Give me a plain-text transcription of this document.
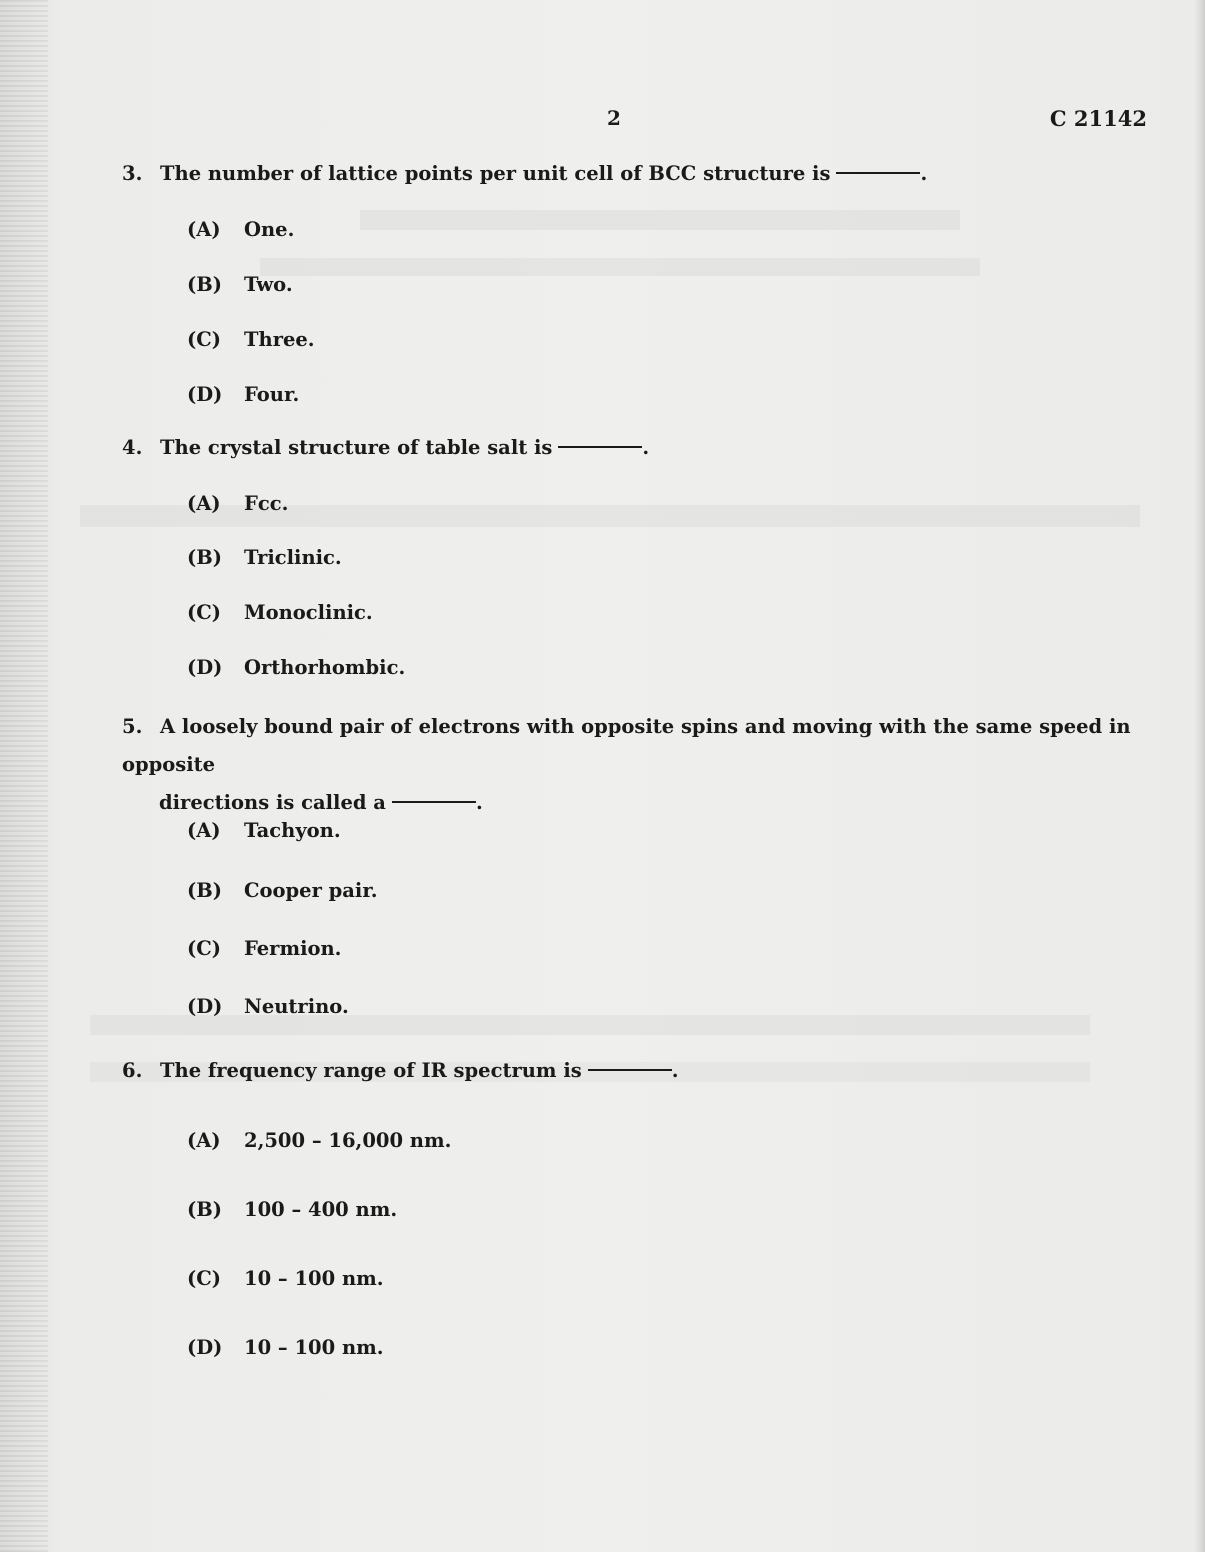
2	C 21142
3. The number of lattice points per unit cell of BCC structure is	.
(A) One.
(B) Two.
(C) Three.
(D) Four.
4. The crystal structure of table salt is	.
(A) Fcc.
(B) Triclinic.
(C) Monoclinic.
(D) Orthorhombic.
5. A loosely bound pair of electrons with opposite spins and moving with the same speed in opposite
directions is called a	.
(A) Tachyon.
(B) Cooper pair.
(C) Fermion.
(D) Neutrino.
6. The frequency range of IR spectrum is	.
(A) 2,500 – 16,000 nm.
(B) 100 – 400 nm.
(C) 10 – 100 nm.
(D) 10 – 100 nm.
